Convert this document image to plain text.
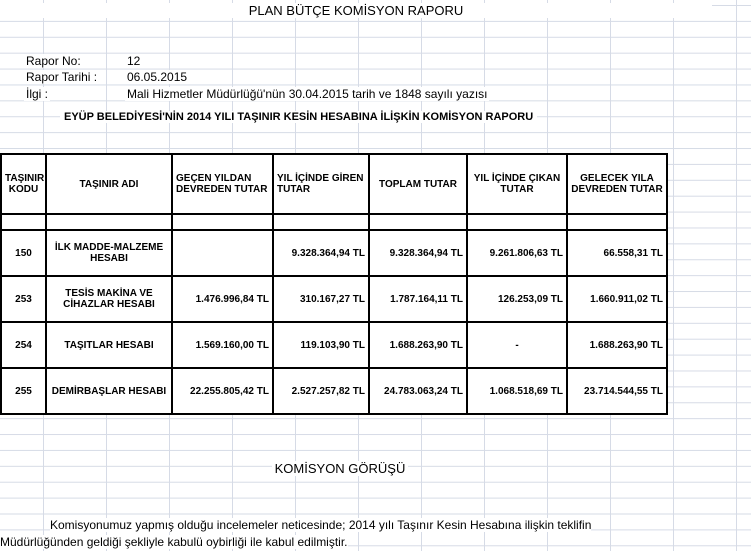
PLAN BÜTÇE KOMİSYON RAPORU
Rapor No:	12
Rapor Tarihi : 06.05.2015
İlgi :	Mali Hizmetler Müdürlüğü'nün 30.04.2015 tarih ve 1848 sayılı yazısı
EYÜP BELEDİYESİ'NİN 2014 YILI TAŞINIR KESİN HESABINA İLİŞKİN KOMİSYON RAPORU
TAŞINIR KODU	TAŞINIR ADI	GEÇEN YILDAN DEVREDEN TUTAR	YIL İÇİNDE GİREN TUTAR	TOPLAM TUTAR	YIL İÇİNDE ÇIKAN TUTAR	GELECEK YILA DEVREDEN TUTAR

150	İLK MADDE-MALZEME HESABI		9.328.364,94 TL	9.328.364,94 TL	9.261.806,63 TL	66.558,31 TL
253	TESİS MAKİNA VE CİHAZLAR HESABI	1.476.996,84 TL	310.167,27 TL	1.787.164,11 TL	126.253,09 TL	1.660.911,02 TL
254	TAŞITLAR HESABI	1.569.160,00 TL	119.103,90 TL	1.688.263,90 TL	-	1.688.263,90 TL
255	DEMİRBAŞLAR HESABI	22.255.805,42 TL	2.527.257,82 TL	24.783.063,24 TL	1.068.518,69 TL	23.714.544,55 TL
KOMİSYON GÖRÜŞÜ
Komisyonumuz yapmış olduğu incelemeler neticesinde; 2014 yılı Taşınır Kesin Hesabına ilişkin teklifin
Müdürlüğünden geldiği şekliyle kabulü oybirliği ile kabul edilmiştir.
